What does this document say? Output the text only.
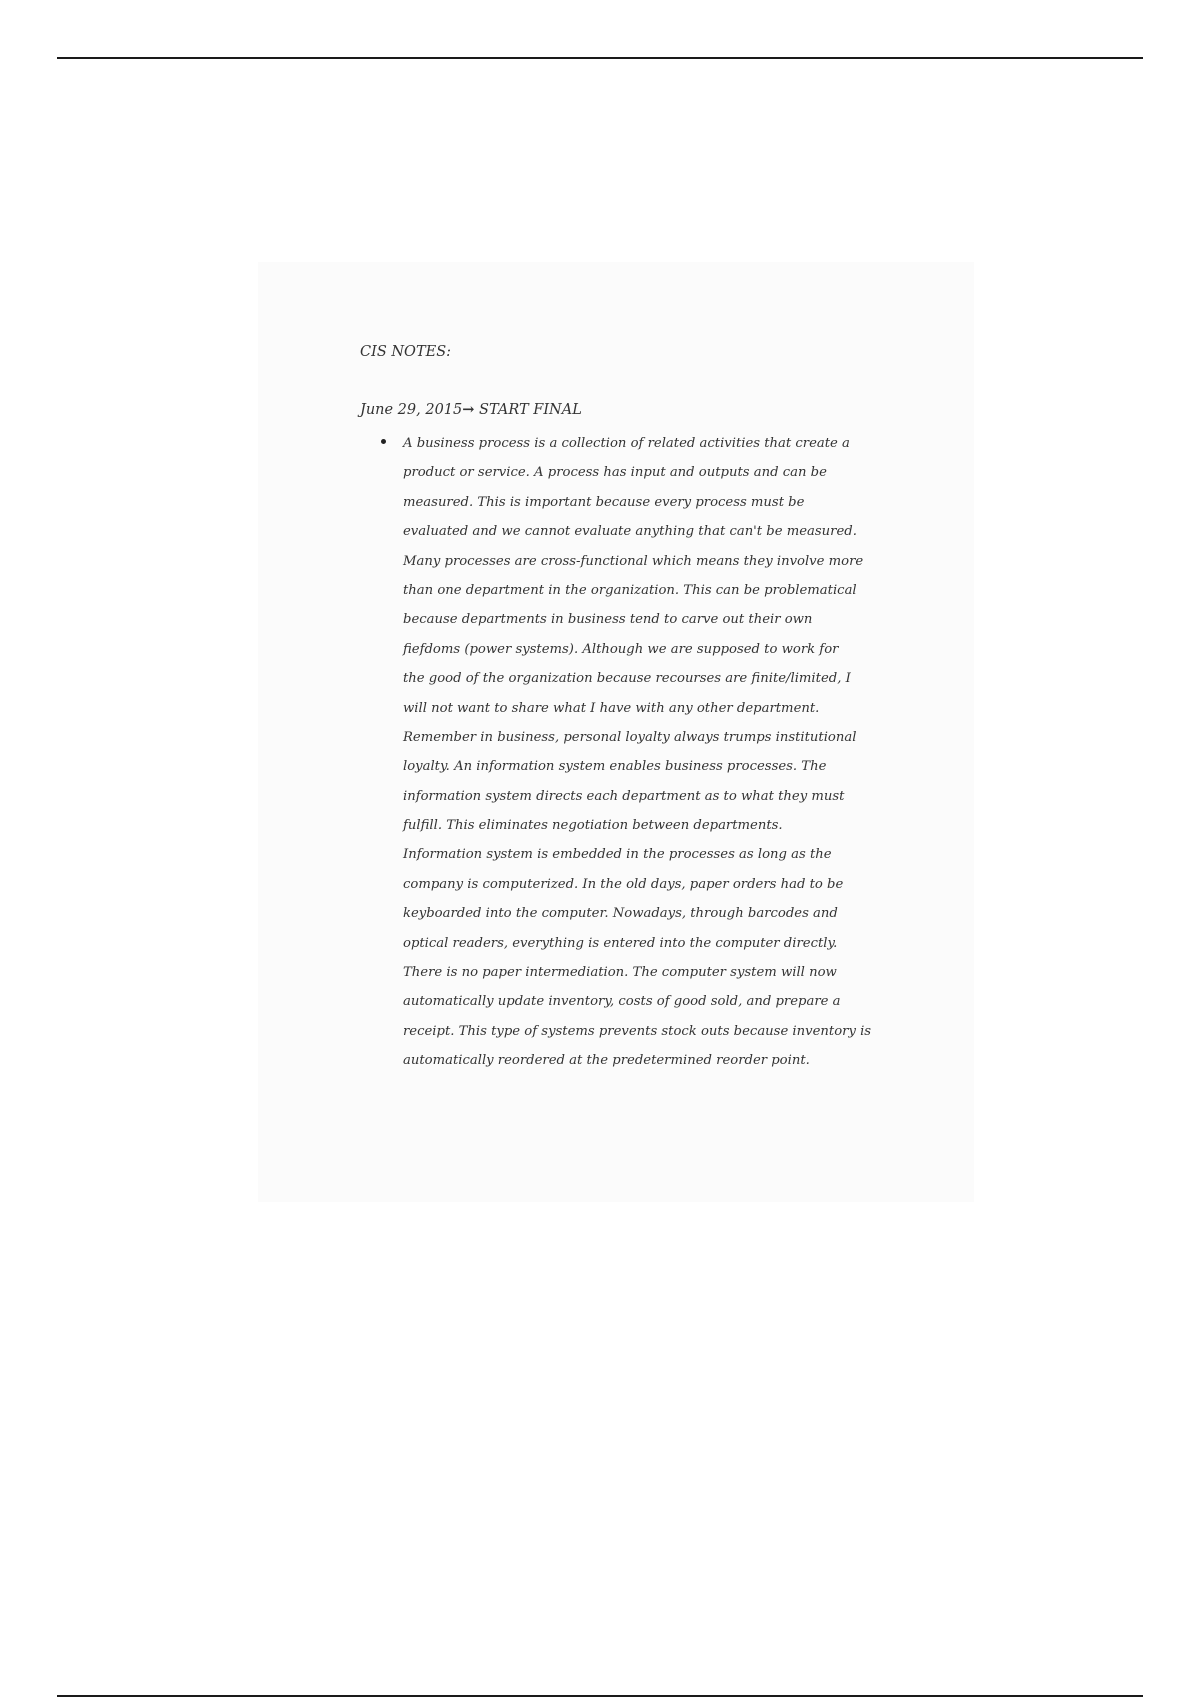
CIS NOTES:

June 29, 2015→ START FINAL

A business process is a collection of related activities that create a
product or service. A process has input and outputs and can be
measured. This is important because every process must be
evaluated and we cannot evaluate anything that can't be measured.
Many processes are cross-functional which means they involve more
than one department in the organization. This can be problematical
because departments in business tend to carve out their own
fiefdoms (power systems). Although we are supposed to work for
the good of the organization because recourses are finite/limited, I
will not want to share what I have with any other department.
Remember in business, personal loyalty always trumps institutional
loyalty. An information system enables business processes. The
information system directs each department as to what they must
fulfill. This eliminates negotiation between departments.
Information system is embedded in the processes as long as the
company is computerized. In the old days, paper orders had to be
keyboarded into the computer. Nowadays, through barcodes and
optical readers, everything is entered into the computer directly.
There is no paper intermediation. The computer system will now
automatically update inventory, costs of good sold, and prepare a
receipt. This type of systems prevents stock outs because inventory is
automatically reordered at the predetermined reorder point.
